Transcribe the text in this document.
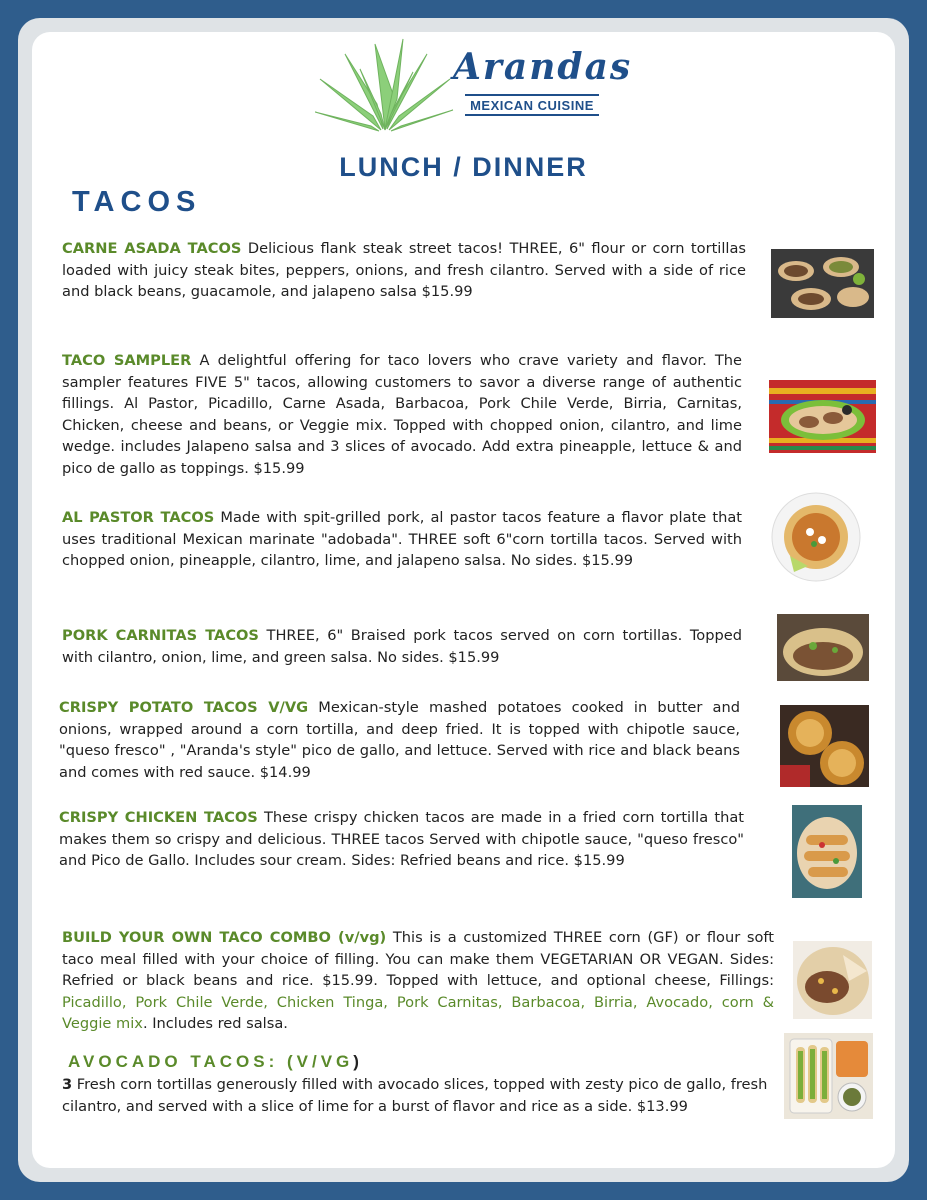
Arandas
MEXICAN CUISINE
LUNCH / DINNER
TACOS
CARNE ASADA TACOS Delicious flank steak street tacos! THREE, 6" flour or corn tortillas loaded with juicy steak bites, peppers, onions, and fresh cilantro. Served with a side of rice and black beans, guacamole, and jalapeno salsa $15.99
TACO SAMPLER A delightful offering for taco lovers who crave variety and flavor. The sampler features FIVE 5" tacos, allowing customers to savor a diverse range of authentic fillings. Al Pastor, Picadillo, Carne Asada, Barbacoa, Pork Chile Verde, Birria, Carnitas, Chicken, cheese and beans, or Veggie mix. Topped with chopped onion, cilantro, and lime wedge. includes Jalapeno salsa and 3 slices of avocado. Add extra pineapple, lettuce & and pico de gallo as toppings. $15.99
AL PASTOR TACOS Made with spit-grilled pork, al pastor tacos feature a flavor plate that uses traditional Mexican marinate "adobada". THREE soft 6"corn tortilla tacos. Served with chopped onion, pineapple, cilantro, lime, and jalapeno salsa. No sides. $15.99
PORK CARNITAS TACOS THREE, 6" Braised pork tacos served on corn tortillas. Topped with cilantro, onion, lime, and green salsa. No sides. $15.99
CRISPY POTATO TACOS V/VG Mexican-style mashed potatoes cooked in butter and onions, wrapped around a corn tortilla, and deep fried. It is topped with chipotle sauce, "queso fresco" , "Aranda's style" pico de gallo, and lettuce. Served with rice and black beans and comes with red sauce. $14.99
CRISPY CHICKEN TACOS These crispy chicken tacos are made in a fried corn tortilla that makes them so crispy and delicious. THREE tacos Served with chipotle sauce, "queso fresco" and Pico de Gallo. Includes sour cream. Sides: Refried beans and rice. $15.99
BUILD YOUR OWN TACO COMBO (v/vg) This is a customized THREE corn (GF) or flour soft taco meal filled with your choice of filling. You can make them VEGETARIAN OR VEGAN. Sides: Refried or black beans and rice. $15.99. Topped with lettuce, and optional cheese, Fillings: Picadillo, Pork Chile Verde, Chicken Tinga, Pork Carnitas, Barbacoa, Birria, Avocado, corn & Veggie mix. Includes red salsa.
AVOCADO TACOS: (V/VG)
3 Fresh corn tortillas generously filled with avocado slices, topped with zesty pico de gallo, fresh cilantro, and served with a slice of lime for a burst of flavor and rice as a side. $13.99
